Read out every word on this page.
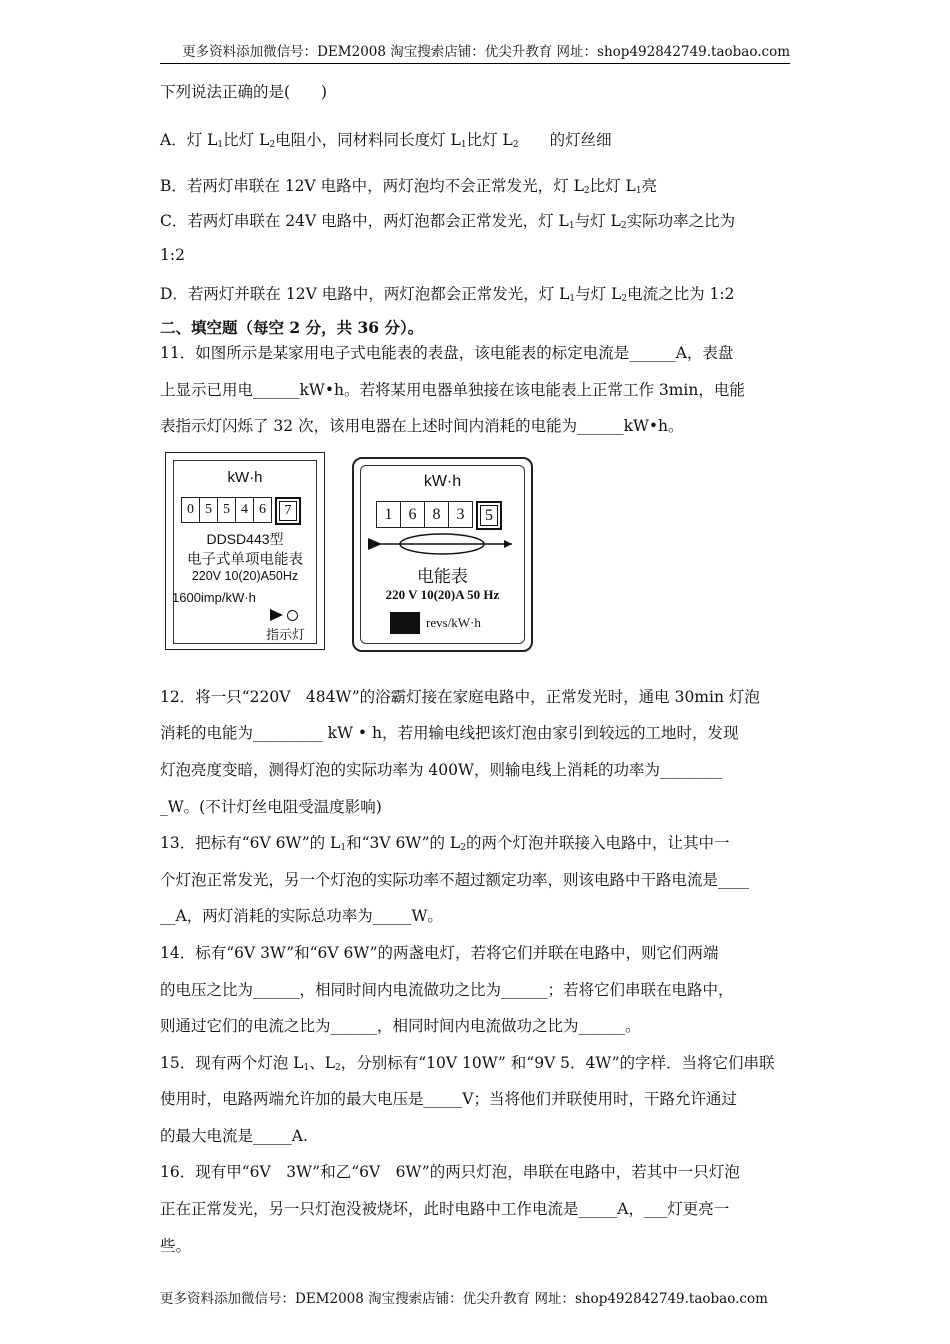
更多资料添加微信号：DEM2008 淘宝搜索店铺：优尖升教育 网址：shop492842749.taobao.com
下列说法正确的是(　　)
A．灯 $L_1$比灯 $L_2$电阻小，同材料同长度灯 $L_1$比灯 $L_2$　　的灯丝细
B．若两灯串联在 12V 电路中，两灯泡均不会正常发光，灯 $L_2$比灯 $L_1$亮
C．若两灯串联在 24V 电路中，两灯泡都会正常发光，灯 $L_1$与灯 $L_2$实际功率之比为
1:2
D．若两灯并联在 12V 电路中，两灯泡都会正常发光，灯 $L_1$与灯 $L_2$电流之比为 1:2
二、填空题（每空 2 分，共 36 分）。
11．如图所示是某家用电子式电能表的表盘，该电能表的标定电流是______A，表盘
上显示已用电______kW•h。若将某用电器单独接在该电能表上正常工作 3min，电能
表指示灯闪烁了 32 次，该用电器在上述时间内消耗的电能为______kW•h。
kW·h
0 5 5 4 6	7
DDSD443型
电子式单项电能表
220V 10(20)A50Hz
1600imp/kW·h
指示灯
kW·h
1	6	8	3	5
电能表
220 V 10(20)A 50 Hz
revs/kW·h
12．将一只“220V　484W”的浴霸灯接在家庭电路中，正常发光时，通电 30min 灯泡
消耗的电能为_________ kW • h，若用输电线把该灯泡由家引到较远的工地时，发现
灯泡亮度变暗，测得灯泡的实际功率为 400W，则输电线上消耗的功率为________
_W。(不计灯丝电阻受温度影响)
13．把标有“6V 6W”的 $L_1$和“3V 6W”的 $L_2$的两个灯泡并联接入电路中，让其中一
个灯泡正常发光，另一个灯泡的实际功率不超过额定功率，则该电路中干路电流是____
__A，两灯消耗的实际总功率为_____W。
14．标有“6V 3W”和“6V 6W”的两盏电灯，若将它们并联在电路中，则它们两端
的电压之比为______，相同时间内电流做功之比为______；若将它们串联在电路中，
则通过它们的电流之比为______，相同时间内电流做功之比为______。
15．现有两个灯泡 $L_1$、$L_2$，分别标有“10V 10W” 和“9V 5．4W”的字样．当将它们串联
使用时，电路两端允许加的最大电压是_____V；当将他们并联使用时，干路允许通过
的最大电流是_____A.
16．现有甲“6V　3W”和乙“6V　6W”的两只灯泡，串联在电路中，若其中一只灯泡
正在正常发光，另一只灯泡没被烧坏，此时电路中工作电流是_____A，___灯更亮一
些。
更多资料添加微信号：DEM2008 淘宝搜索店铺：优尖升教育 网址：shop492842749.taobao.com
